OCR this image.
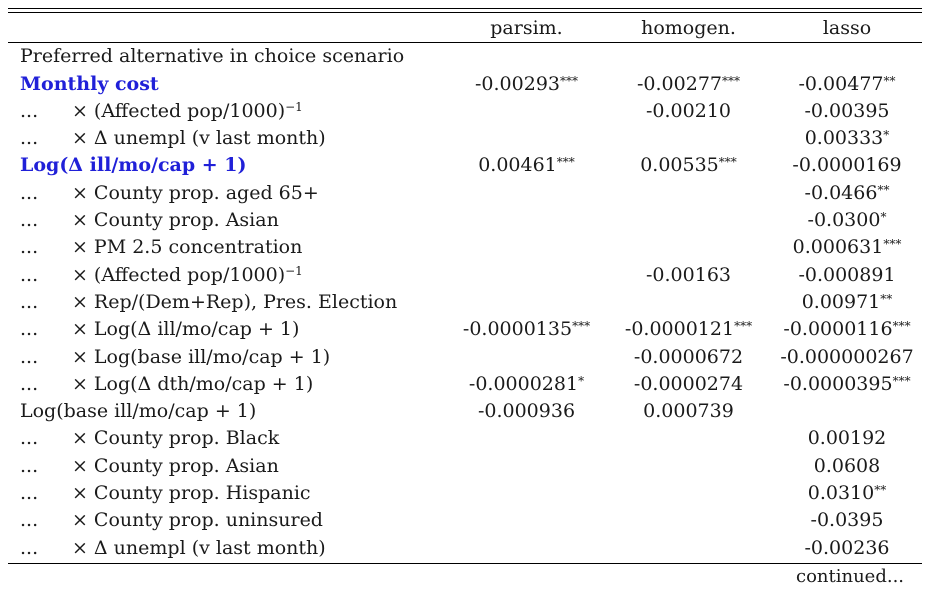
	parsim.	homogen.	lasso
Preferred alternative in choice scenario			
Monthly cost	-0.00293***	-0.00277***	-0.00477**
... × (Affected pop/1000)$^{-1}$		-0.00210	-0.00395
... × Δ unempl (v last month)			0.00333*
Log(Δ ill/mo/cap + 1)	0.00461***	0.00535***	-0.0000169
... × County prop. aged 65+			-0.0466**
... × County prop. Asian			-0.0300*
... × PM 2.5 concentration			0.000631***
... × (Affected pop/1000)$^{-1}$		-0.00163	-0.000891
... × Rep/(Dem+Rep), Pres. Election			0.00971**
... × Log(Δ ill/mo/cap + 1)	-0.0000135***	-0.0000121***	-0.0000116***
... × Log(base ill/mo/cap + 1)		-0.0000672	-0.000000267
... × Log(Δ dth/mo/cap + 1)	-0.0000281*	-0.0000274	-0.0000395***
Log(base ill/mo/cap + 1)	-0.000936	0.000739	
... × County prop. Black			0.00192
... × County prop. Asian			0.0608
... × County prop. Hispanic			0.0310**
... × County prop. uninsured			-0.0395
... × Δ unempl (v last month)			-0.00236
continued...
